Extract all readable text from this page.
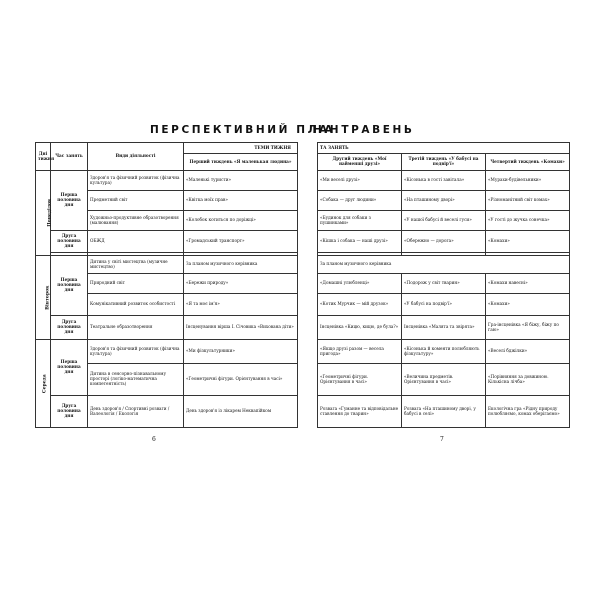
ПЕРСПЕКТИВНИЙ ПЛАН
НА ТРАВЕНЬ
Дні тижня	Час занять	Види діяльності	ТЕМИ ТИЖНЯ
			Перший тиждень «Я маленькая людина»
Понеділок	Перша половина дня	Здоров'я та фізичний розвиток (фізична культура)	«Маленькі туристи»
		Предметний світ	«Квітка моїх прав»
		Художньо-продуктивне образотворення (малювання)	«Колобок котиться по доріжці»
	Друга половина дня	ОБЖД	«Громадський транспорт»

Вівторок	Перша половина дня	Дитина у світі мистецтва (музичне мистецтво)	За планом музичного керівника
		Природний світ	«Бережи природу»
		Комунікативний розвиток особистості	«Я та моє ім'я»
	Друга половина дня	Театральне образотворення	Інсценування вірша І. Січовика «Вихована діти»
Середа	Перша половина дня	Здоров'я та фізичний розвиток (фізична культура)	«Ми фізкультурники»
		Дитина в сенсорно-пізнавальному просторі (логіко-математична компетентність)	«Геометричні фігури. Орієнтування в часі»
	Друга половина дня	День здоров'я / Спортивні розваги / Валеологія / Екологія	День здоров'я із лікарем Неквапійком
ТА ЗАНЯТЬ		
Другий тиждень «Мої найменші друзі»	Третій тиждень «У бабусі на подвір'ї»	Четвертий тиждень «Комахи»
«Ми веселі друзі»	«Кісонька в гості завітала»	«Мурахи-будівельники»
«Собака — друг людини»	«На пташиному дворі»	«Різноманітний світ комах»
«Будинок для собаки з пушинками»	«У нашої бабусі й веселі гуси»	«У гості до жучка сонечка»
«Кішка і собака — наші друзі»	«Обережно — дорога»	«Комахи»

За планом музичного керівника		
«Домашні улюбленці»	«Подорож у світ тварин»	«Комахи навесні»
«Котик Мурчик — мій друзок»	«У бабусі на подвір'ї»	«Комахи»
Інсценівка «Кицю, кицю, де була?»	Інсценівка «Малята та звірята»	Гра-інсценівка «Я біжу, біжу по гаю»
«Якщо друзі разом — весела пригода»	«Кісонька й коменти полюбляють фізкультуру»	«Веселі бджілки»
«Геометричні фігури. Орієнтування в часі»	«Величина предметів. Орієнтування в часі»	«Порівняння за довжиною. Кількісна лічба»
Розвага «Гуманне та відповідальне ставлення до тварин»	Розвага «На пташиному дворі, у бабусі в селі»	Екологічна гра «Рідну природу полюбляємо, комах оберігаємо»
6	7
